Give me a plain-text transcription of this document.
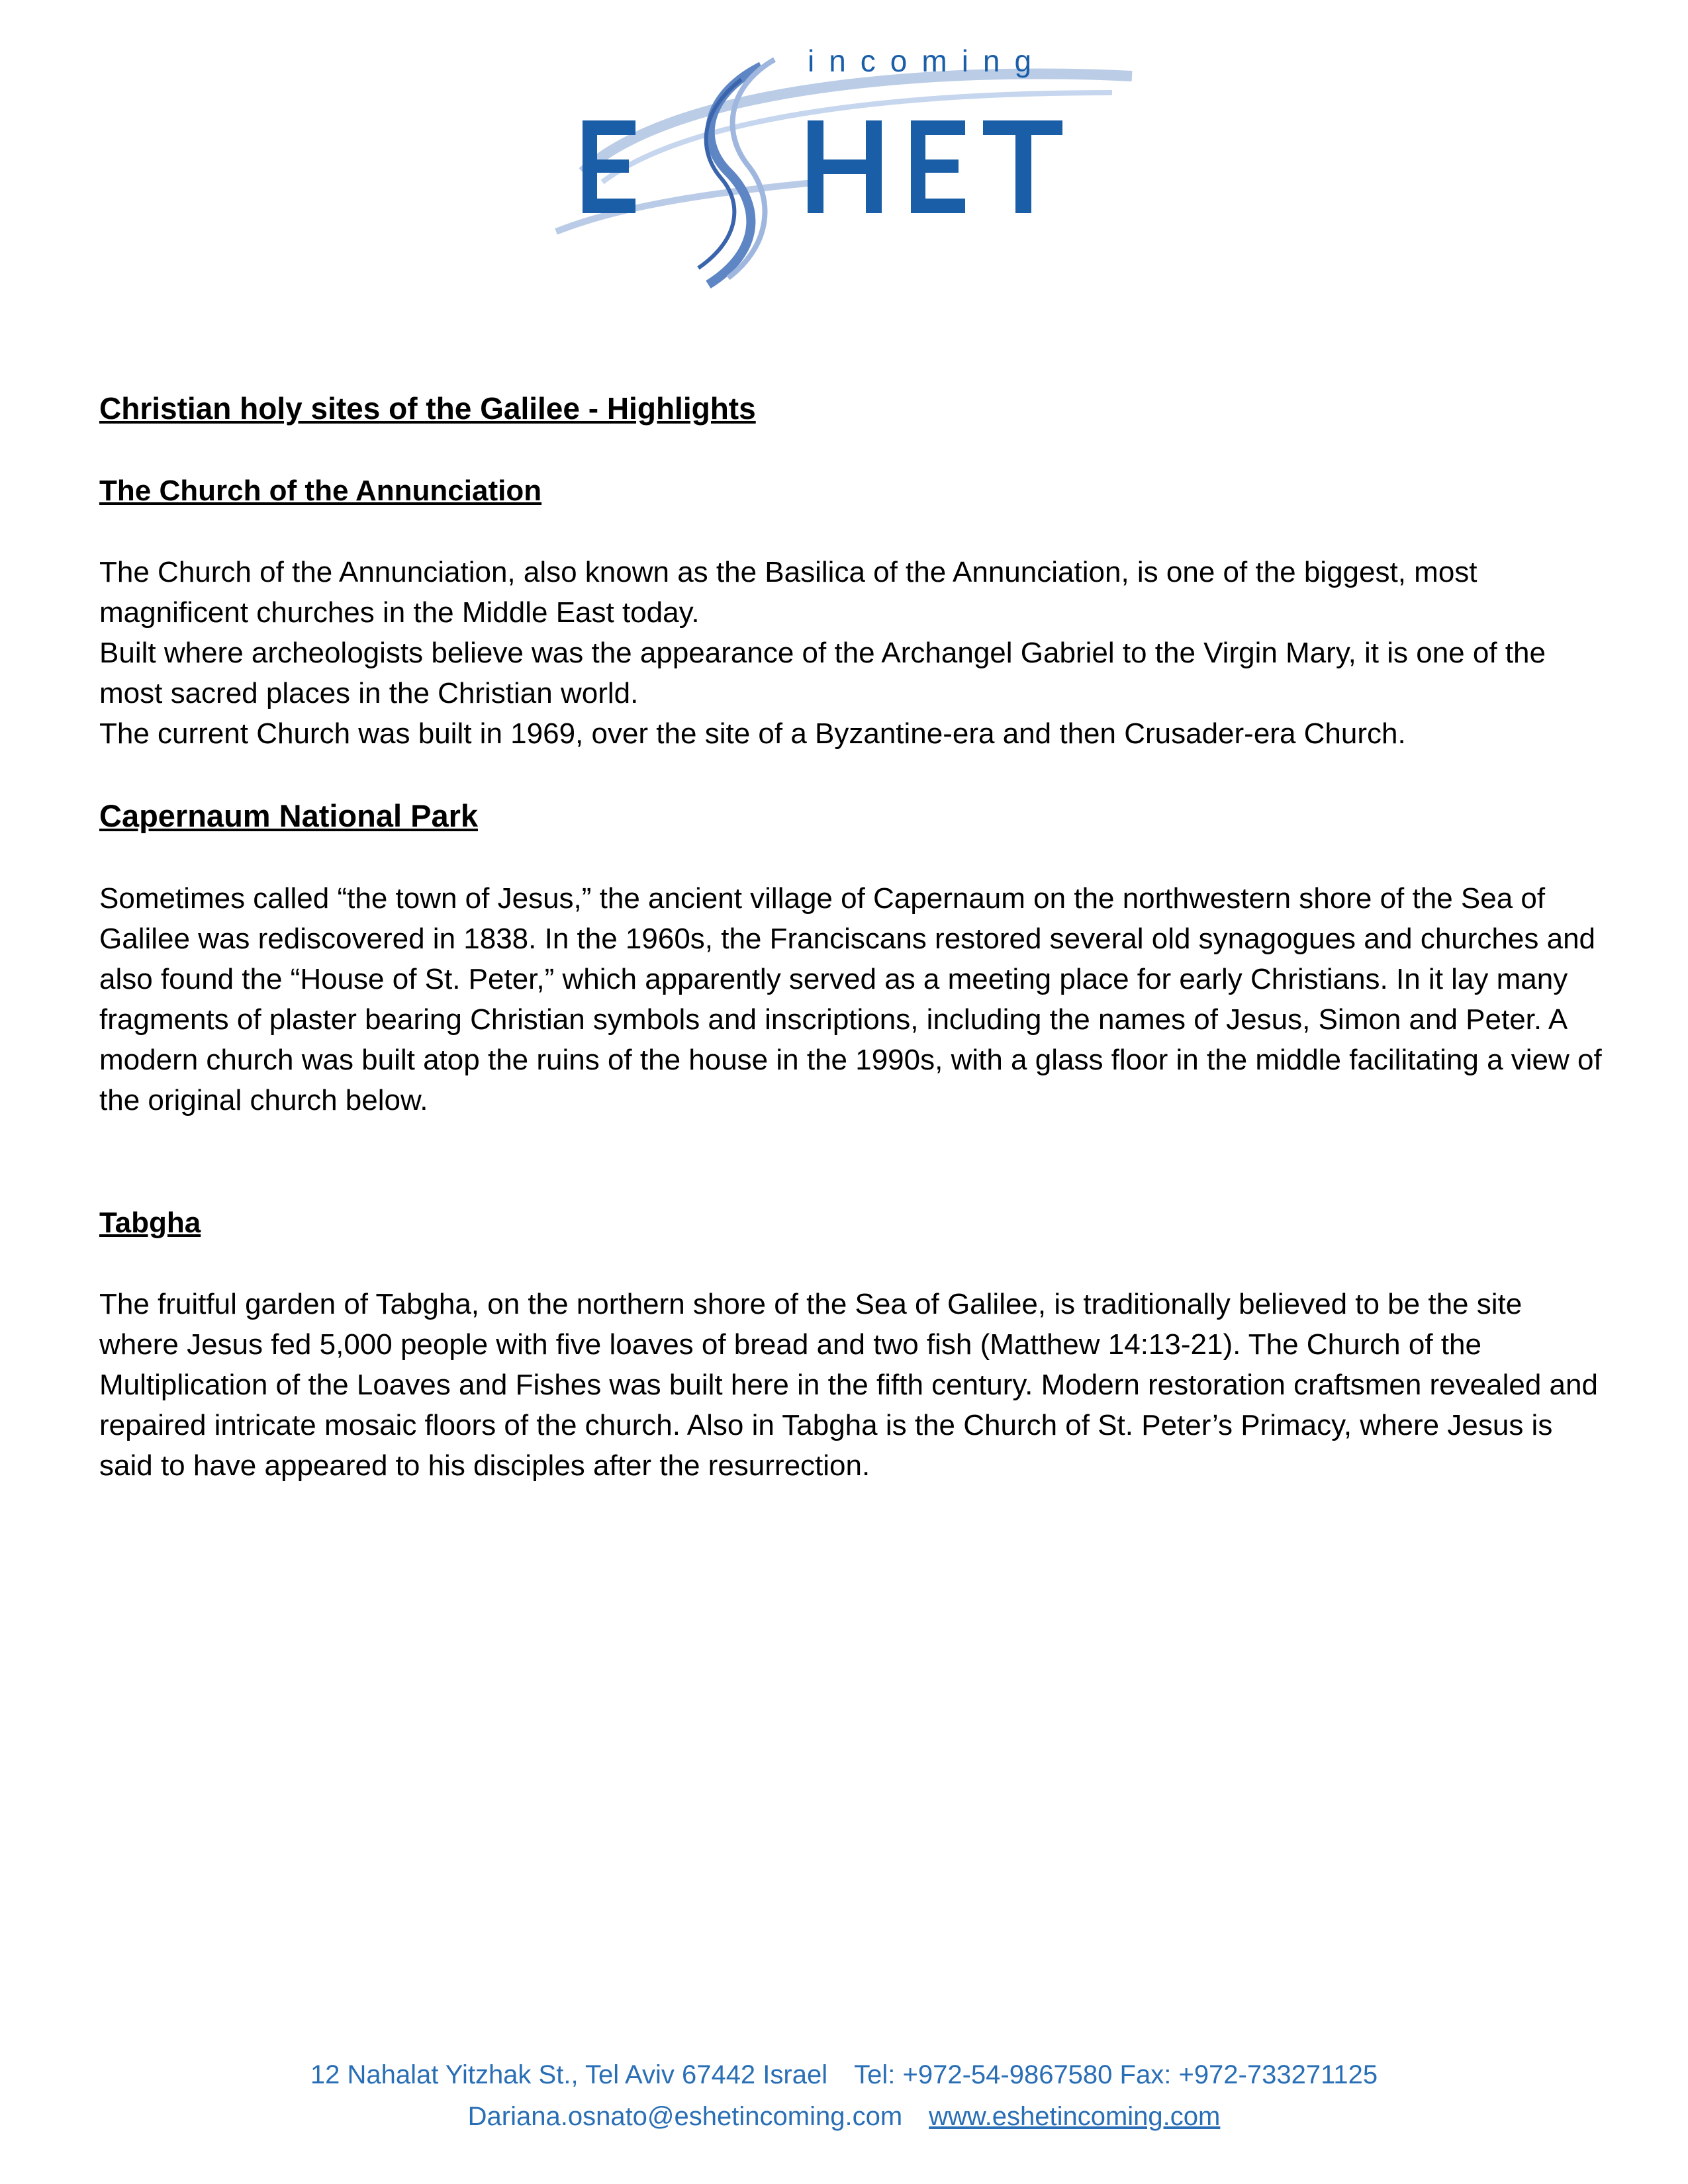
incoming
Christian holy sites of the Galilee - Highlights
The Church of the Annunciation

The Church of the Annunciation, also known as the Basilica of the Annunciation, is one of the biggest, most magnificent churches in the Middle East today.

Built where archeologists believe was the appearance of the Archangel Gabriel to the Virgin Mary, it is one of the most sacred places in the Christian world.

The current Church was built in 1969, over the site of a Byzantine-era and then Crusader-era Church.

Capernaum National Park

Sometimes called “the town of Jesus,” the ancient village of Capernaum on the northwestern shore of the Sea of Galilee was rediscovered in 1838. In the 1960s, the Franciscans restored several old synagogues and churches and also found the “House of St. Peter,” which apparently served as a meeting place for early Christians. In it lay many fragments of plaster bearing Christian symbols and inscriptions, including the names of Jesus, Simon and Peter. A modern church was built atop the ruins of the house in the 1990s, with a glass floor in the middle facilitating a view of the original church below.

Tabgha

The fruitful garden of Tabgha, on the northern shore of the Sea of Galilee, is traditionally believed to be the site where Jesus fed 5,000 people with five loaves of bread and two fish (Matthew 14:13-21). The Church of the Multiplication of the Loaves and Fishes was built here in the fifth century. Modern restoration craftsmen revealed and repaired intricate mosaic floors of the church. Also in Tabgha is the Church of St. Peter’s Primacy, where Jesus is said to have appeared to his disciples after the resurrection.

12 Nahalat Yitzhak St., Tel Aviv 67442 Israel Tel: +972-54-9867580 Fax: +972-733271125
Dariana.osnato@eshetincoming.com www.eshetincoming.com
